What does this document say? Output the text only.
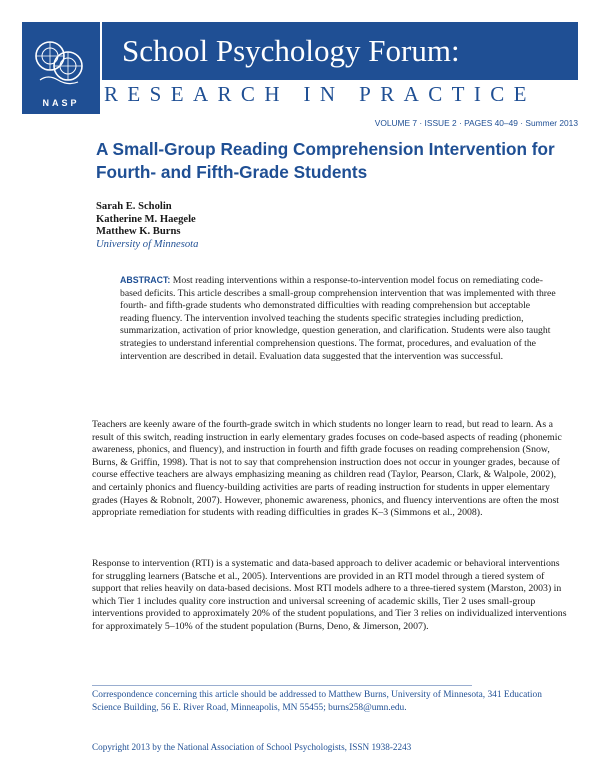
NASP
School Psychology Forum:
RESEARCH IN PRACTICE
VOLUME 7 · ISSUE 2 · PAGES 40–49 · Summer 2013
A Small-Group Reading Comprehension Intervention for Fourth- and Fifth-Grade Students
Sarah E. Scholin
Katherine M. Haegele
Matthew K. Burns
University of Minnesota

ABSTRACT: Most reading interventions within a response-to-intervention model focus on remediating code-based deficits. This article describes a small-group comprehension intervention that was implemented with three fourth- and fifth-grade students who demonstrated difficulties with reading comprehension but acceptable reading fluency. The intervention involved teaching the students specific strategies including prediction, summarization, activation of prior knowledge, question generation, and clarification. Students were also taught strategies to understand inferential comprehension questions. The format, procedures, and evaluation of the intervention are described in detail. Evaluation data suggested that the intervention was successful.

Teachers are keenly aware of the fourth-grade switch in which students no longer learn to read, but read to learn. As a result of this switch, reading instruction in early elementary grades focuses on code-based aspects of reading (phonemic awareness, phonics, and fluency), and instruction in fourth and fifth grade focuses on reading comprehension (Snow, Burns, & Griffin, 1998). That is not to say that comprehension instruction does not occur in younger grades, because of course effective teachers are always emphasizing meaning as children read (Taylor, Pearson, Clark, & Walpole, 2002), and certainly phonics and fluency-building activities are parts of reading instruction for students in upper elementary grades (Hayes & Robnolt, 2007). However, phonemic awareness, phonics, and fluency interventions are often the most appropriate remediation for students with reading difficulties in grades K–3 (Simmons et al., 2008).

Response to intervention (RTI) is a systematic and data-based approach to deliver academic or behavioral interventions for struggling learners (Batsche et al., 2005). Interventions are provided in an RTI model through a tiered system of support that relies heavily on data-based decisions. Most RTI models adhere to a three-tiered system (Marston, 2003) in which Tier 1 includes quality core instruction and universal screening of academic skills, Tier 2 uses small-group interventions provided to approximately 20% of the student populations, and Tier 3 relies on individualized interventions for approximately 5–10% of the student population (Burns, Deno, & Jimerson, 2007).

Correspondence concerning this article should be addressed to Matthew Burns, University of Minnesota, 341 Education Science Building, 56 E. River Road, Minneapolis, MN 55455; burns258@umn.edu.

Copyright 2013 by the National Association of School Psychologists, ISSN 1938-2243
